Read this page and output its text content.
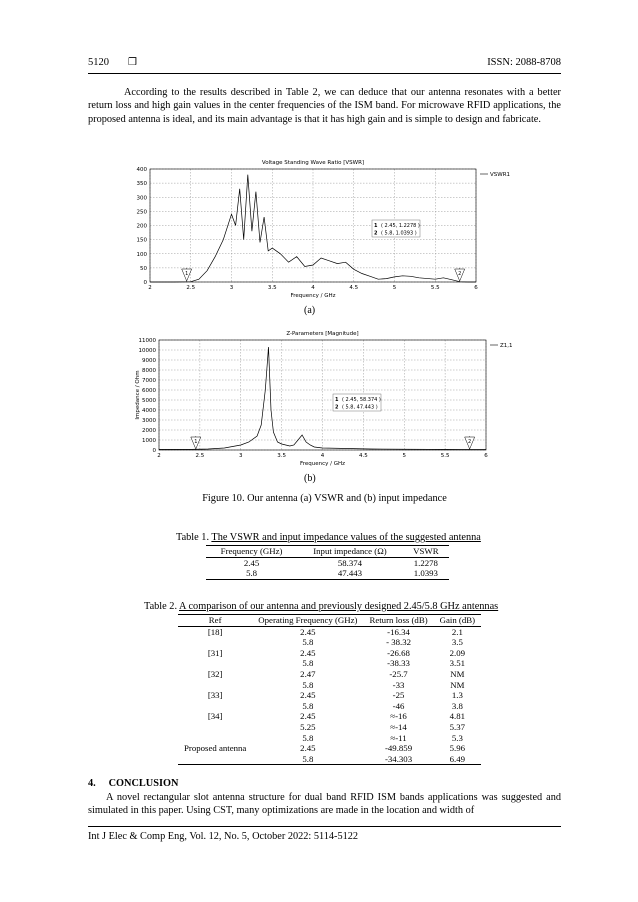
5120 ❒	ISSN: 2088-8708
According to the results described in Table 2, we can deduce that our antenna resonates with a better return loss and high gain values in the center frequencies of the ISM band. For microwave RFID applications, the proposed antenna is ideal, and its main advantage is that it has high gain and is simple to design and fabricate.
Voltage Standing Wave Ratio [VSWR]
2	2.5	3	3.5	4	4.5	5	5.5	6
0
50
100
150
200
250
300
350
400
Frequency / GHz
VSWR1
1	2
1 ( 2.45, 1.2278 )
2 ( 5.8, 1.0393 )
(a)
Z-Parameters [Magnitude]
2	2.5	3	3.5	4	4.5	5	5.5	6
0
1000
2000
3000
4000
5000
6000
7000
8000
9000
10000
11000
Frequency / GHz
Impedance / Ohm
Z1,1
1	2
1 ( 2.45, 58.374 )
2 ( 5.8, 47.443 )
(b)
Figure 10. Our antenna (a) VSWR and (b) input impedance
Table 1. The VSWR and input impedance values of the suggested antenna
Frequency (GHz)	Input impedance (Ω)	VSWR
2.45	58.374	1.2278
5.8	47.443	1.0393
Table 2. A comparison of our antenna and previously designed 2.45/5.8 GHz antennas
Ref	Operating Frequency (GHz)	Return loss (dB)	Gain (dB)
[18]	2.45	-16.34	2.1
	5.8	- 38.32	3.5
[31]	2.45	-26.68	2.09
	5.8	-38.33	3.51
[32]	2.47	-25.7	NM
	5.8	-33	NM
[33]	2.45	-25	1.3
	5.8	-46	3.8
[34]	2.45	≈-16	4.81
	5.25	≈-14	5.37
	5.8	≈-11	5.3
Proposed antenna	2.45	-49.859	5.96
	5.8	-34.303	6.49
4.     CONCLUSION
A novel rectangular slot antenna structure for dual band RFID ISM bands applications was suggested and simulated in this paper. Using CST, many optimizations are made in the location and width of
Int J Elec & Comp Eng, Vol. 12, No. 5, October 2022: 5114-5122
